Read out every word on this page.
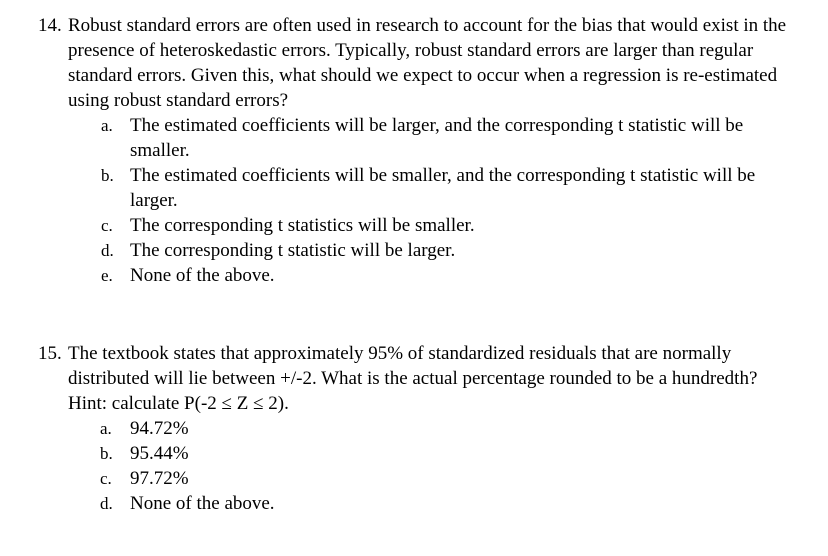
14. Robust standard errors are often used in research to account for the bias that would exist in the presence of heteroskedastic errors. Typically, robust standard errors are larger than regular standard errors. Given this, what should we expect to occur when a regression is re-estimated using robust standard errors?
a. The estimated coefficients will be larger, and the corresponding t statistic will be smaller.
b. The estimated coefficients will be smaller, and the corresponding t statistic will be larger.
c. The corresponding t statistics will be smaller.
d. The corresponding t statistic will be larger.
e. None of the above.
15. The textbook states that approximately 95% of standardized residuals that are normally distributed will lie between +/-2. What is the actual percentage rounded to be a hundredth?
Hint: calculate P(-2 ≤ Z ≤ 2).
a. 94.72%
b. 95.44%
c. 97.72%
d. None of the above.
